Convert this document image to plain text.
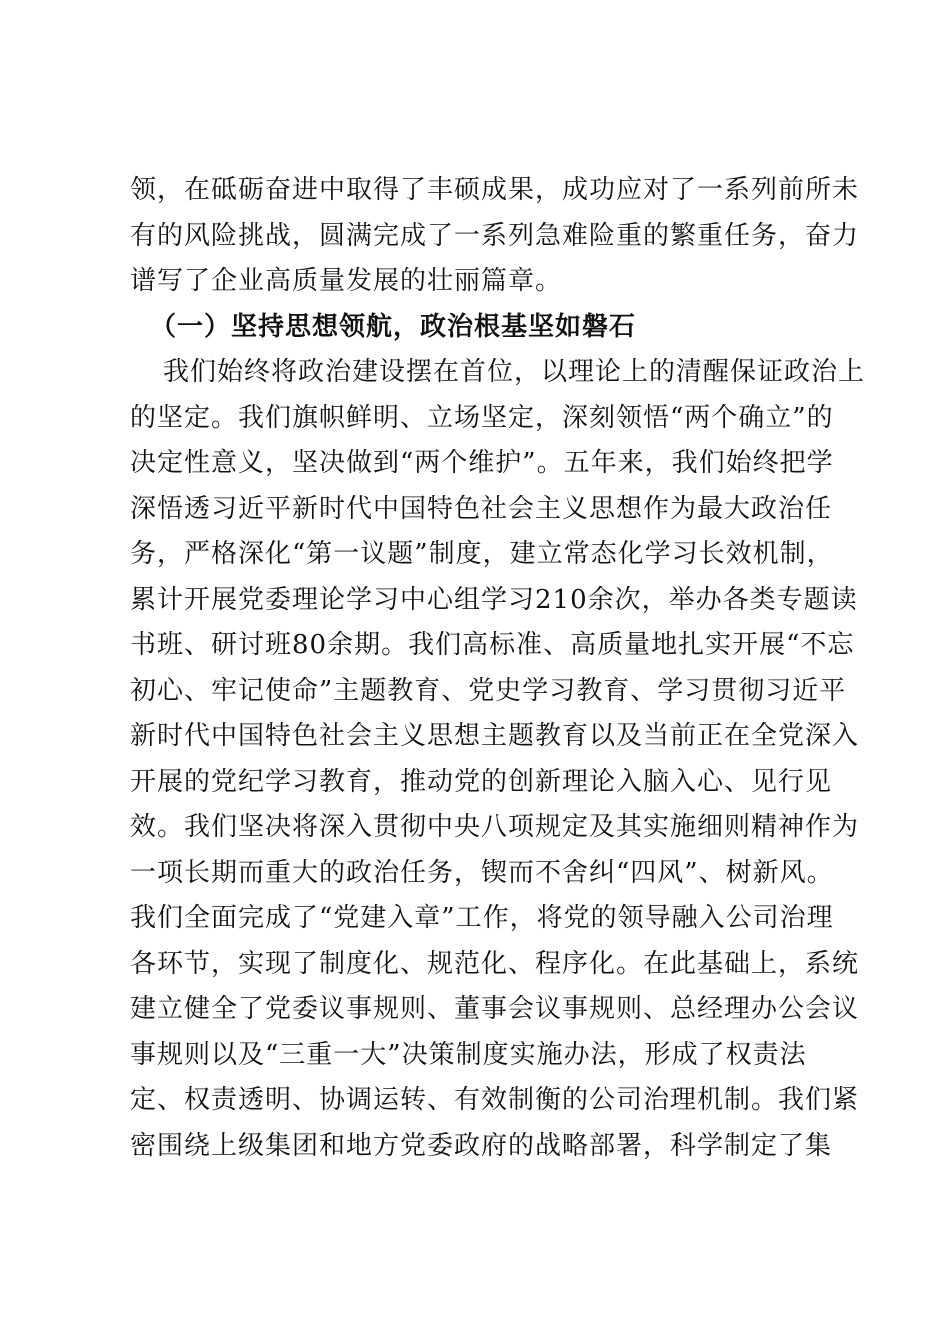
领，在砥砺奋进中取得了丰硕成果，成功应对了一系列前所未
有的风险挑战，圆满完成了一系列急难险重的繁重任务，奋力
谱写了企业高质量发展的壮丽篇章。
（一）坚持思想领航，政治根基坚如磐石
我们始终将政治建设摆在首位，以理论上的清醒保证政治上
的坚定。我们旗帜鲜明、立场坚定，深刻领悟“两个确立”的
决定性意义，坚决做到“两个维护”。五年来，我们始终把学
深悟透习近平新时代中国特色社会主义思想作为最大政治任
务，严格深化“第一议题”制度，建立常态化学习长效机制，
累计开展党委理论学习中心组学习210余次，举办各类专题读
书班、研讨班80余期。我们高标准、高质量地扎实开展“不忘
初心、牢记使命”主题教育、党史学习教育、学习贯彻习近平
新时代中国特色社会主义思想主题教育以及当前正在全党深入
开展的党纪学习教育，推动党的创新理论入脑入心、见行见
效。我们坚决将深入贯彻中央八项规定及其实施细则精神作为
一项长期而重大的政治任务，锲而不舍纠“四风”、树新风。
我们全面完成了“党建入章”工作，将党的领导融入公司治理
各环节，实现了制度化、规范化、程序化。在此基础上，系统
建立健全了党委议事规则、董事会议事规则、总经理办公会议
事规则以及“三重一大”决策制度实施办法，形成了权责法
定、权责透明、协调运转、有效制衡的公司治理机制。我们紧
密围绕上级集团和地方党委政府的战略部署，科学制定了集
